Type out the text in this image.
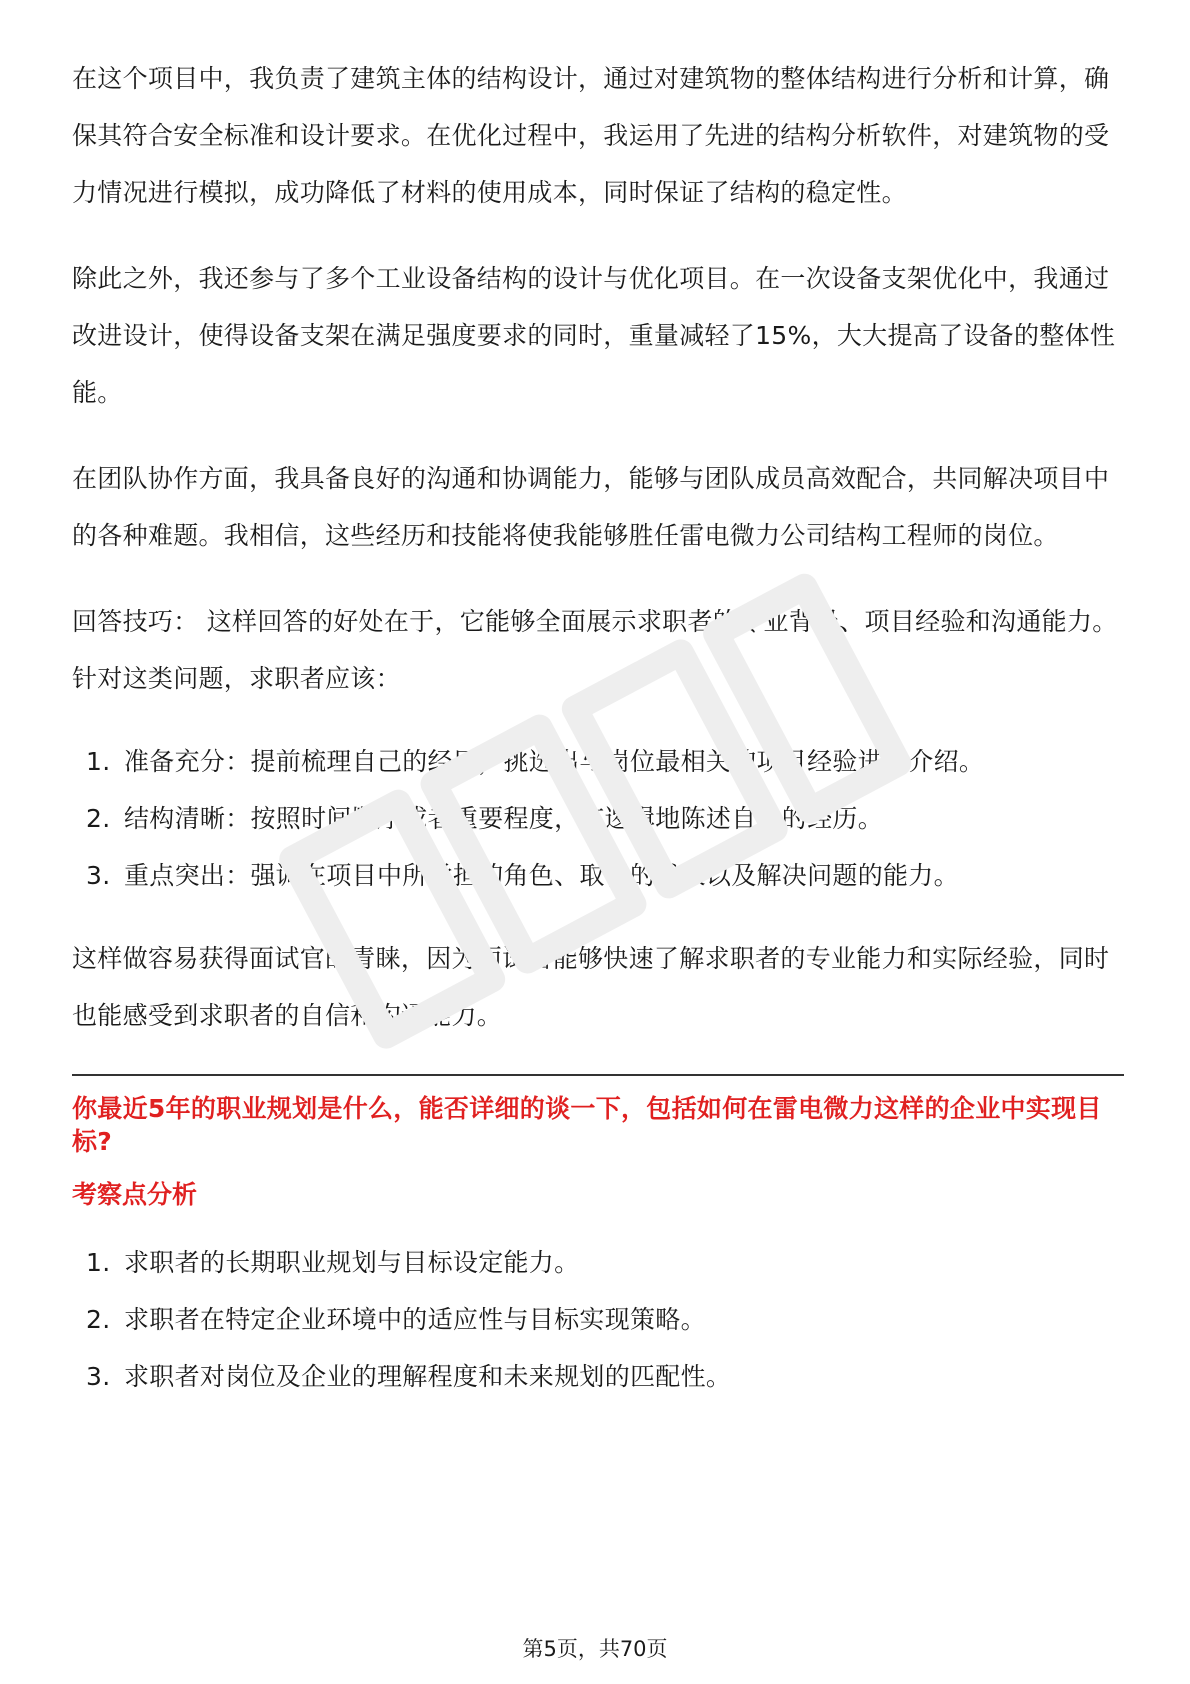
在这个项目中，我负责了建筑主体的结构设计，通过对建筑物的整体结构进行分析和计算，确保其符合安全标准和设计要求。在优化过程中，我运用了先进的结构分析软件，对建筑物的受力情况进行模拟，成功降低了材料的使用成本，同时保证了结构的稳定性。

除此之外，我还参与了多个工业设备结构的设计与优化项目。在一次设备支架优化中，我通过改进设计，使得设备支架在满足强度要求的同时，重量减轻了15%，大大提高了设备的整体性能。

在团队协作方面，我具备良好的沟通和协调能力，能够与团队成员高效配合，共同解决项目中的各种难题。我相信，这些经历和技能将使我能够胜任雷电微力公司结构工程师的岗位。

回答技巧： 这样回答的好处在于，它能够全面展示求职者的专业背景、项目经验和沟通能力。针对这类问题，求职者应该：

1. 准备充分：提前梳理自己的经历，挑选出与岗位最相关的项目经验进行介绍。
2. 结构清晰：按照时间顺序或者重要程度，有逻辑地陈述自己的经历。
3. 重点突出：强调在项目中所承担的角色、取得的成果以及解决问题的能力。

这样做容易获得面试官的青睐，因为面试官能够快速了解求职者的专业能力和实际经验，同时也能感受到求职者的自信和沟通能力。

你最近5年的职业规划是什么，能否详细的谈一下，包括如何在雷电微力这样的企业中实现目标?

考察点分析

1. 求职者的长期职业规划与目标设定能力。
2. 求职者在特定企业环境中的适应性与目标实现策略。
3. 求职者对岗位及企业的理解程度和未来规划的匹配性。
第5页，共70页
